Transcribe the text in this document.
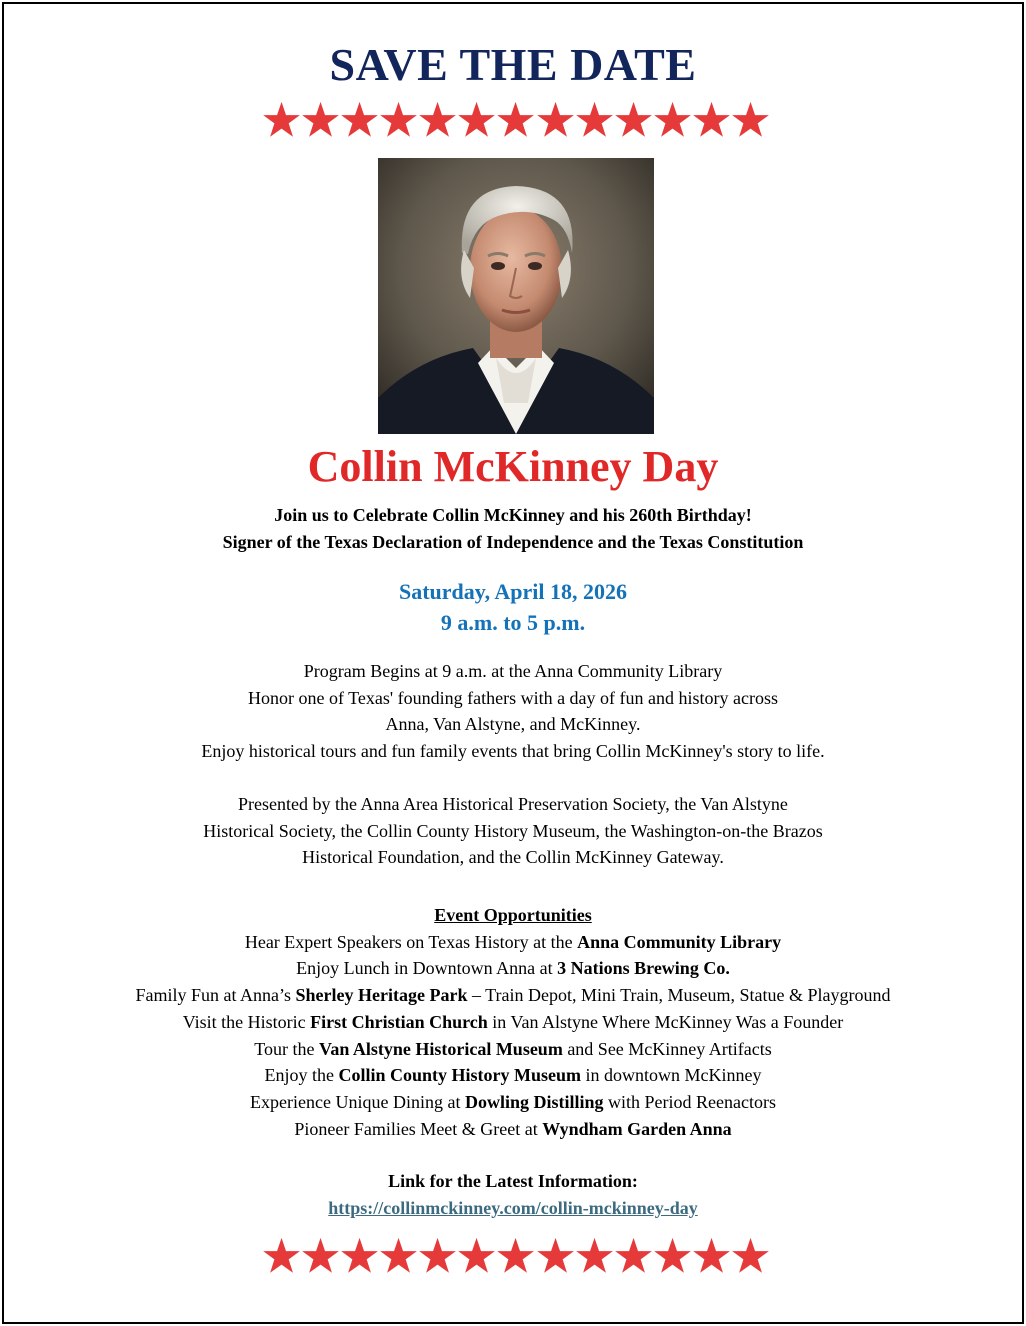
SAVE THE DATE
Collin McKinney Day
Join us to Celebrate Collin McKinney and his 260th Birthday!
Signer of the Texas Declaration of Independence and the Texas Constitution
Saturday, April 18, 2026
9 a.m. to 5 p.m.
Program Begins at 9 a.m. at the Anna Community Library
Honor one of Texas' founding fathers with a day of fun and history across
Anna, Van Alstyne, and McKinney.
Enjoy historical tours and fun family events that bring Collin McKinney's story to life.
Presented by the Anna Area Historical Preservation Society, the Van Alstyne
Historical Society, the Collin County History Museum, the Washington-on-the Brazos
Historical Foundation, and the Collin McKinney Gateway.
Event Opportunities
Hear Expert Speakers on Texas History at the Anna Community Library
Enjoy Lunch in Downtown Anna at 3 Nations Brewing Co.
Family Fun at Anna’s Sherley Heritage Park – Train Depot, Mini Train, Museum, Statue & Playground
Visit the Historic First Christian Church in Van Alstyne Where McKinney Was a Founder
Tour the Van Alstyne Historical Museum and See McKinney Artifacts
Enjoy the Collin County History Museum in downtown McKinney
Experience Unique Dining at Dowling Distilling with Period Reenactors
Pioneer Families Meet & Greet at Wyndham Garden Anna
Link for the Latest Information:
https://collinmckinney.com/collin-mckinney-day
